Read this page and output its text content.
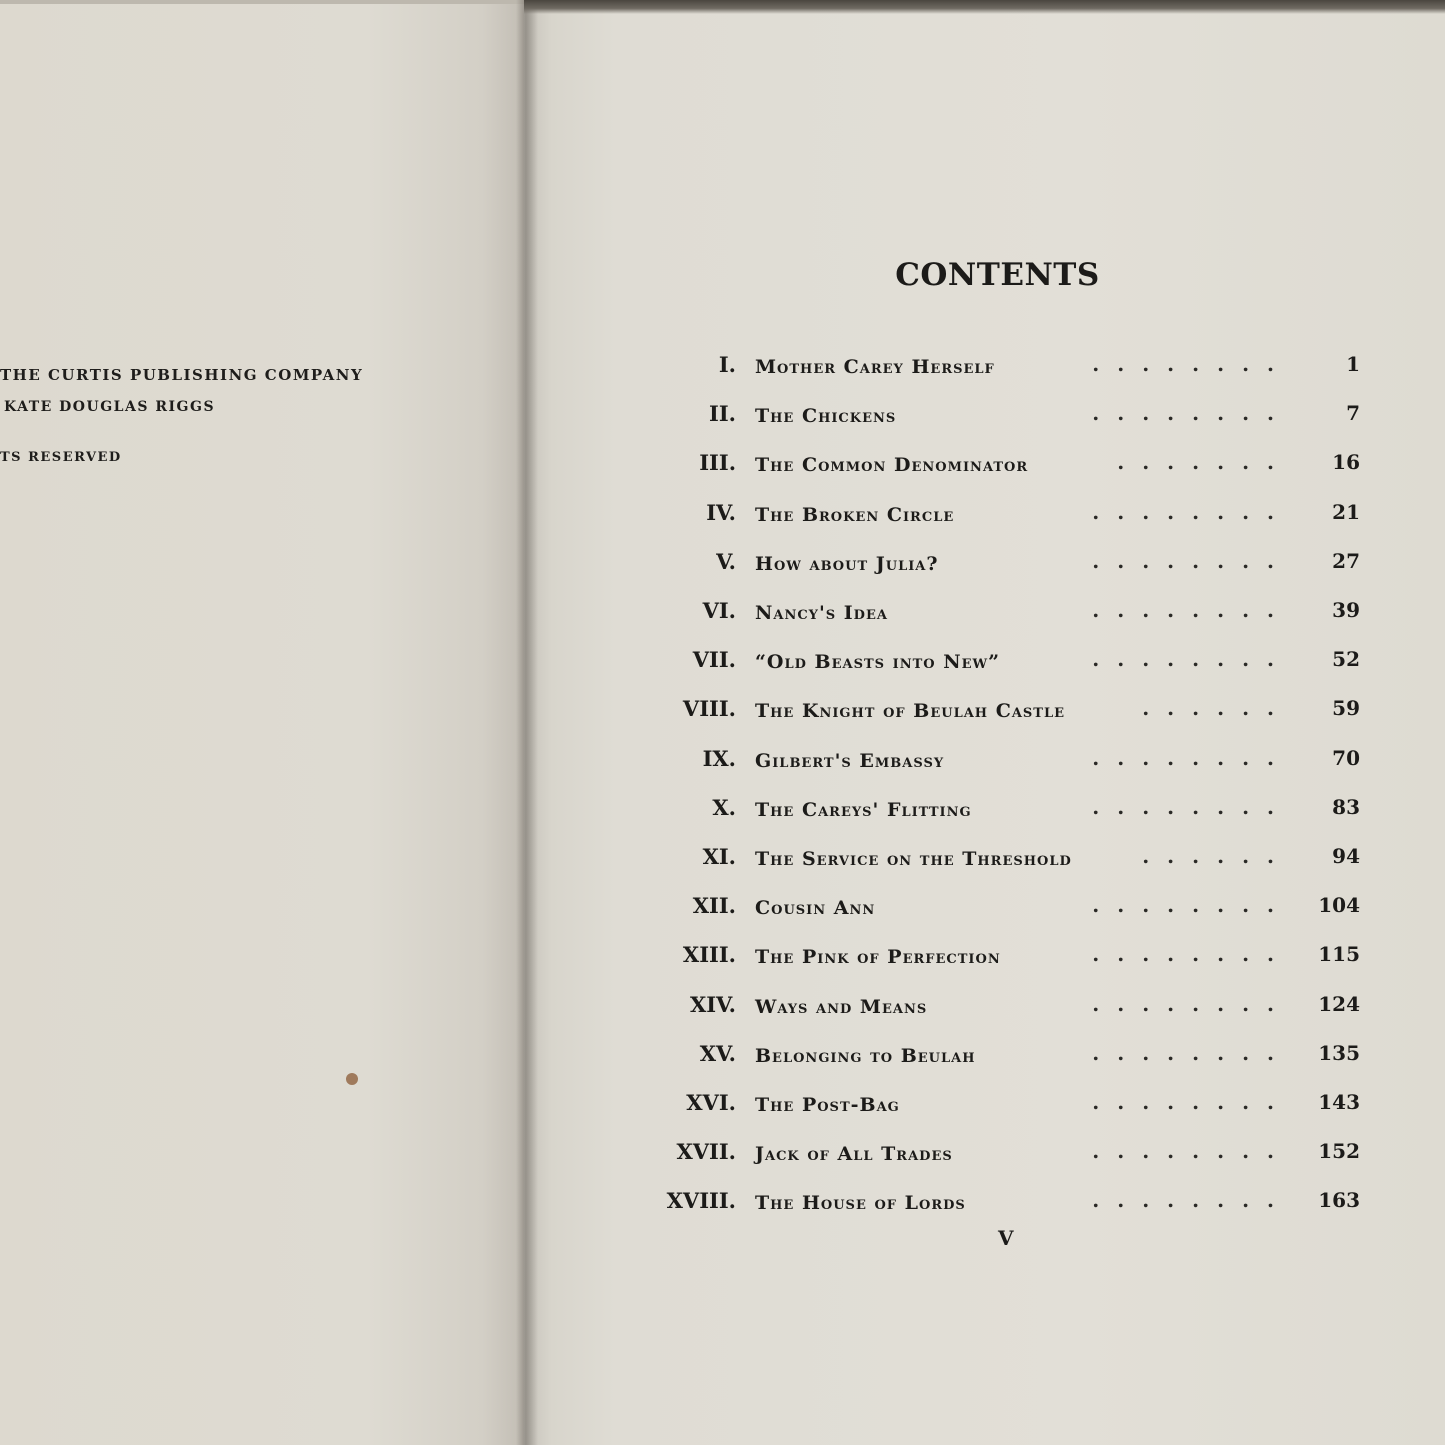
THE CURTIS PUBLISHING COMPANY
KATE DOUGLAS RIGGS
TS RESERVED
CONTENTS
I. Mother Carey Herself	........	1
II. The Chickens	........	7
III. The Common Denominator	....... 16
IV. The Broken Circle	........ 21
V. How about Julia?	........ 27
VI. Nancy's Idea	........ 39
VII. “Old Beasts into New”	........ 52
VIII. The Knight of Beulah Castle	...... 59
IX. Gilbert's Embassy	........ 70
X. The Careys' Flitting	........ 83
XI. The Service on the Threshold	...... 94
XII. Cousin Ann	........ 104
XIII. The Pink of Perfection	........ 115
XIV. Ways and Means	........ 124
XV. Belonging to Beulah	........ 135
XVI. The Post-Bag	........ 143
XVII. Jack of All Trades	........ 152
XVIII. The House of Lords	........ 163
V
